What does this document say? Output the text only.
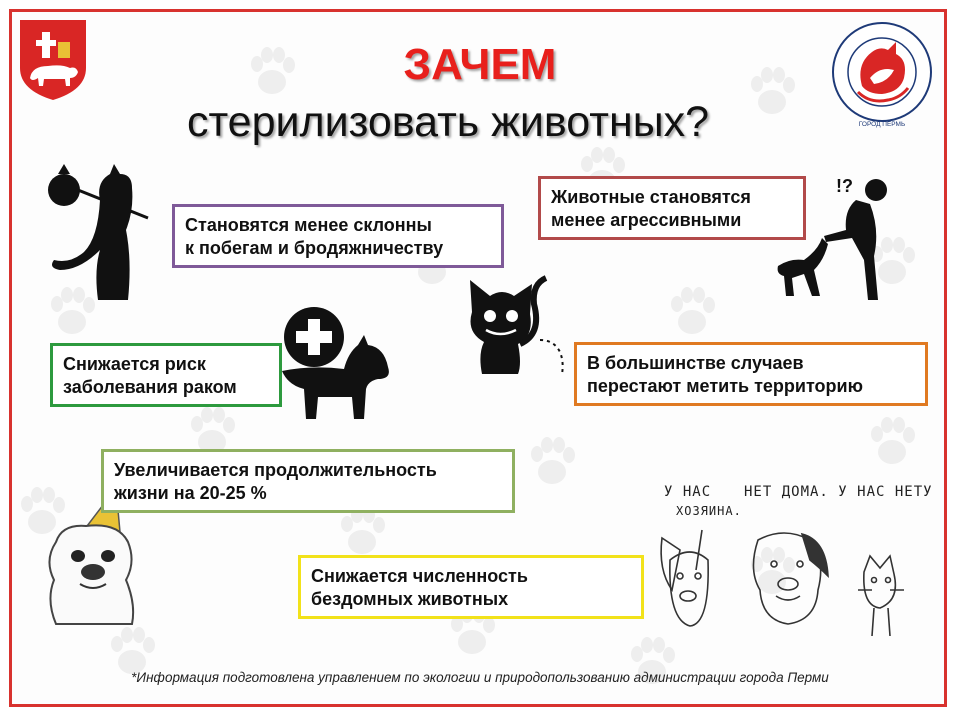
ГОРОД ПЕРМЬ
ЗАЧЕМ
стерилизовать животных?
!?
У НАС НЕТ ДОМА. У НАС НЕТУ
ХОЗЯИНА.
Становятся менее склонны
к побегам и бродяжничеству
Животные становятся
менее агрессивными
Снижается риск
заболевания раком
В большинстве случаев
перестают метить территорию
Увеличивается продолжительность
жизни на 20-25 %
Снижается численность
бездомных животных
*Информация подготовлена управлением по экологии и природопользованию администрации города Перми
